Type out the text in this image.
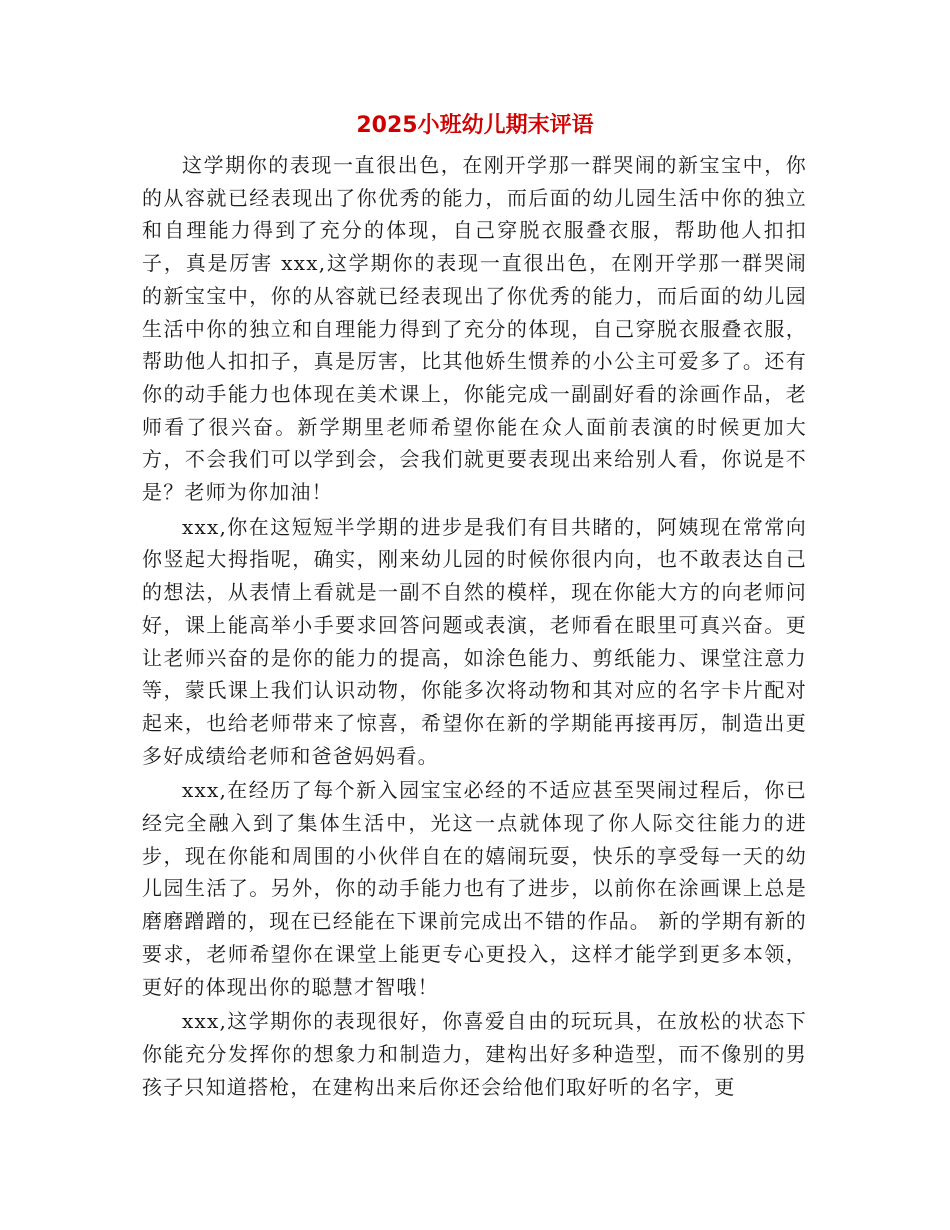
2025小班幼儿期末评语

这学期你的表现一直很出色，在刚开学那一群哭闹的新宝宝中，你的从容就已经表现出了你优秀的能力，而后面的幼儿园生活中你的独立和自理能力得到了充分的体现，自己穿脱衣服叠衣服，帮助他人扣扣子，真是厉害 xxx,这学期你的表现一直很出色，在刚开学那一群哭闹的新宝宝中，你的从容就已经表现出了你优秀的能力，而后面的幼儿园生活中你的独立和自理能力得到了充分的体现，自己穿脱衣服叠衣服，帮助他人扣扣子，真是厉害，比其他娇生惯养的小公主可爱多了。还有你的动手能力也体现在美术课上，你能完成一副副好看的涂画作品，老师看了很兴奋。新学期里老师希望你能在众人面前表演的时候更加大方，不会我们可以学到会，会我们就更要表现出来给别人看，你说是不是？老师为你加油！

xxx,你在这短短半学期的进步是我们有目共睹的，阿姨现在常常向你竖起大拇指呢，确实，刚来幼儿园的时候你很内向，也不敢表达自己的想法，从表情上看就是一副不自然的模样，现在你能大方的向老师问好，课上能高举小手要求回答问题或表演，老师看在眼里可真兴奋。更让老师兴奋的是你的能力的提高，如涂色能力、剪纸能力、课堂注意力等，蒙氏课上我们认识动物，你能多次将动物和其对应的名字卡片配对起来，也给老师带来了惊喜，希望你在新的学期能再接再厉，制造出更多好成绩给老师和爸爸妈妈看。

xxx,在经历了每个新入园宝宝必经的不适应甚至哭闹过程后，你已经完全融入到了集体生活中，光这一点就体现了你人际交往能力的进步，现在你能和周围的小伙伴自在的嬉闹玩耍，快乐的享受每一天的幼儿园生活了。另外，你的动手能力也有了进步，以前你在涂画课上总是磨磨蹭蹭的，现在已经能在下课前完成出不错的作品。 新的学期有新的要求，老师希望你在课堂上能更专心更投入，这样才能学到更多本领，更好的体现出你的聪慧才智哦！

xxx,这学期你的表现很好，你喜爱自由的玩玩具，在放松的状态下你能充分发挥你的想象力和制造力，建构出好多种造型，而不像别的男孩子只知道搭枪，在建构出来后你还会给他们取好听的名字，更
